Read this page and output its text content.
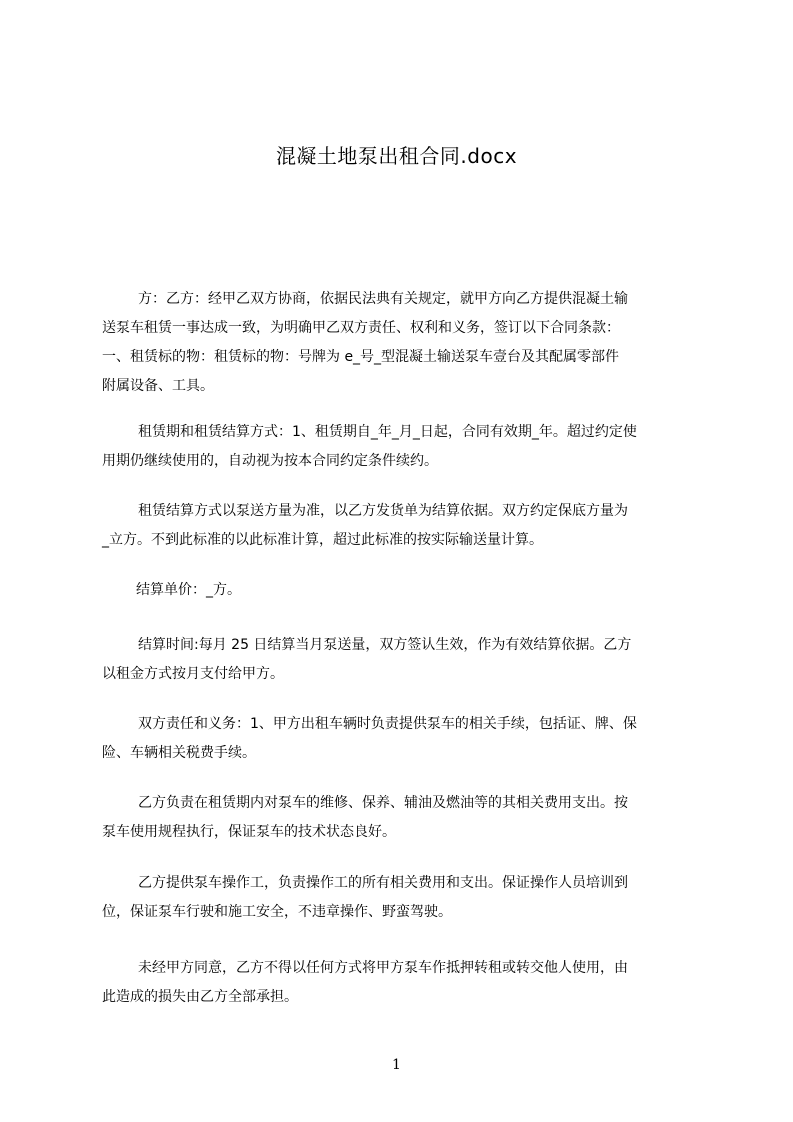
混凝土地泵出租合同.docx
方：乙方：经甲乙双方协商，依据民法典有关规定，就甲方向乙方提供混凝土输
送泵车租赁一事达成一致，为明确甲乙双方责任、权利和义务，签订以下合同条款：
一、租赁标的物：租赁标的物：号牌为 e_号_型混凝土输送泵车壹台及其配属零部件
附属设备、工具。
租赁期和租赁结算方式：1、租赁期自_年_月_日起，合同有效期_年。超过约定使
用期仍继续使用的，自动视为按本合同约定条件续约。
租赁结算方式以泵送方量为准，以乙方发货单为结算依据。双方约定保底方量为
_立方。不到此标准的以此标准计算，超过此标准的按实际输送量计算。
结算单价：_方。
结算时间:每月 25 日结算当月泵送量，双方签认生效，作为有效结算依据。乙方
以租金方式按月支付给甲方。
双方责任和义务：1、甲方出租车辆时负责提供泵车的相关手续，包括证、牌、保
险、车辆相关税费手续。
乙方负责在租赁期内对泵车的维修、保养、辅油及燃油等的其相关费用支出。按
泵车使用规程执行，保证泵车的技术状态良好。
乙方提供泵车操作工，负责操作工的所有相关费用和支出。保证操作人员培训到
位，保证泵车行驶和施工安全，不违章操作、野蛮驾驶。
未经甲方同意，乙方不得以任何方式将甲方泵车作抵押转租或转交他人使用，由
此造成的损失由乙方全部承担。
1
